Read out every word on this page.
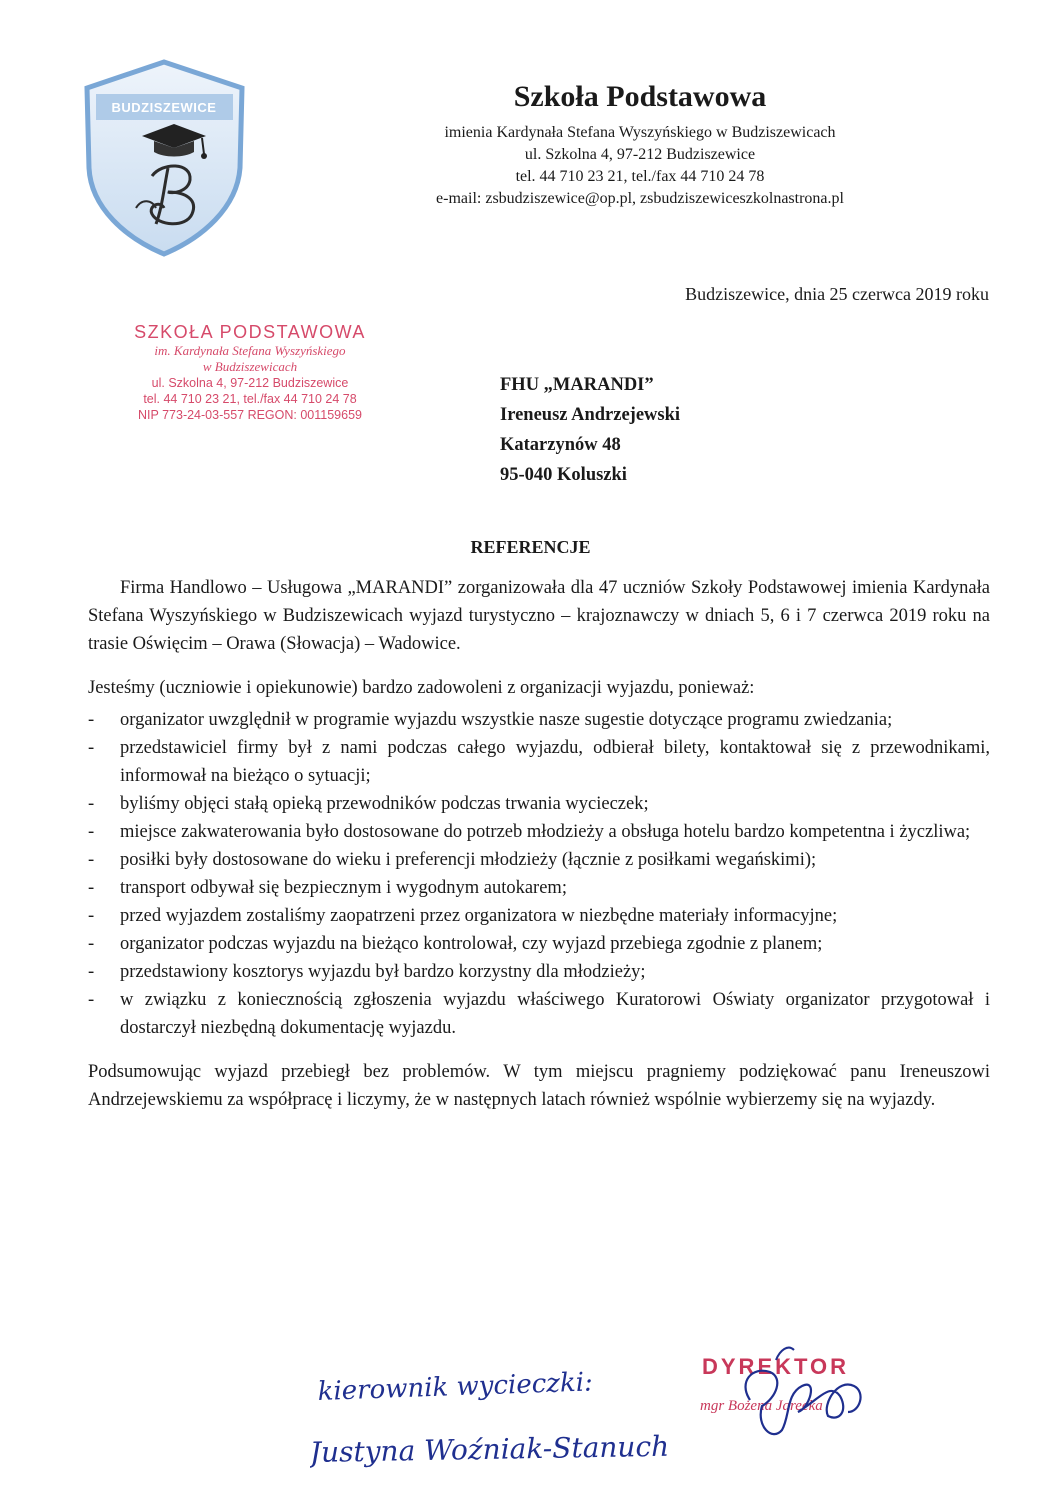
BUDZISZEWICE	Szkoła Podstawowa
imienia Kardynała Stefana Wyszyńskiego w Budziszewicach
ul. Szkolna 4, 97-212 Budziszewice
tel. 44 710 23 21, tel./fax 44 710 24 78
e-mail: zsbudziszewice@op.pl, zsbudziszewiceszkolnastrona.pl
Budziszewice, dnia 25 czerwca 2019 roku
SZKOŁA PODSTAWOWA
im. Kardynała Stefana Wyszyńskiego
w Budziszewicach
ul. Szkolna 4, 97-212 Budziszewice
tel. 44 710 23 21, tel./fax 44 710 24 78
NIP 773-24-03-557 REGON: 001159659
FHU „MARANDI”
Ireneusz Andrzejewski
Katarzynów 48
95-040 Koluszki
REFERENCJE

Firma Handlowo – Usługowa „MARANDI” zorganizowała dla 47 uczniów Szkoły Podstawowej imienia Kardynała Stefana Wyszyńskiego w Budziszewicach wyjazd turystyczno – krajoznawczy w dniach 5, 6 i 7 czerwca 2019 roku na trasie Oświęcim – Orawa (Słowacja) – Wadowice.

Jesteśmy (uczniowie i opiekunowie) bardzo zadowoleni z organizacji wyjazdu, ponieważ:

- organizator uwzględnił w programie wyjazdu wszystkie nasze sugestie dotyczące programu zwiedzania;
- przedstawiciel firmy był z nami podczas całego wyjazdu, odbierał bilety, kontaktował się z przewodnikami, informował na bieżąco o sytuacji;
- byliśmy objęci stałą opieką przewodników podczas trwania wycieczek;
- miejsce zakwaterowania było dostosowane do potrzeb młodzieży a obsługa hotelu bardzo kompetentna i życzliwa;
- posiłki były dostosowane do wieku i preferencji młodzieży (łącznie z posiłkami wegańskimi);
- transport odbywał się bezpiecznym i wygodnym autokarem;
- przed wyjazdem zostaliśmy zaopatrzeni przez organizatora w niezbędne materiały informacyjne;
- organizator podczas wyjazdu na bieżąco kontrolował, czy wyjazd przebiega zgodnie z planem;
- przedstawiony kosztorys wyjazdu był bardzo korzystny dla młodzieży;
- w związku z koniecznością zgłoszenia wyjazdu właściwego Kuratorowi Oświaty organizator przygotował i dostarczył niezbędną dokumentację wyjazdu.

Podsumowując wyjazd przebiegł bez problemów. W tym miejscu pragniemy podziękować panu Ireneuszowi Andrzejewskiemu za współpracę i liczymy, że w następnych latach również wspólnie wybierzemy się na wyjazdy.

kierownik wycieczki:
Justyna Woźniak-Stanuch
DYREKTOR
mgr Bożena Jarecka
